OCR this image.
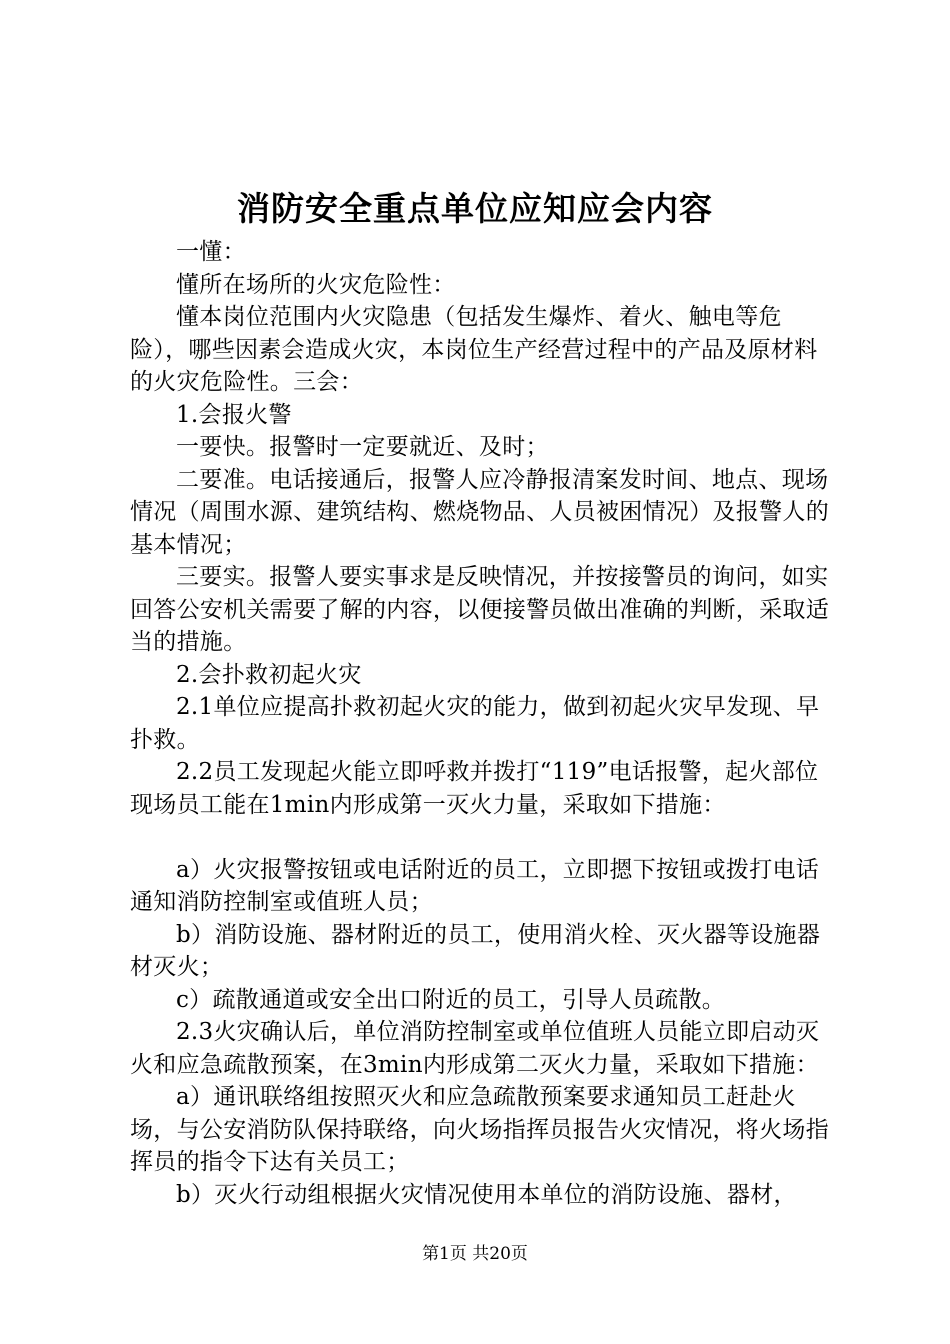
消防安全重点单位应知应会内容

一懂：

懂所在场所的火灾危险性：

懂本岗位范围内火灾隐患（包括发生爆炸、着火、触电等危险），哪些因素会造成火灾，本岗位生产经营过程中的产品及原材料的火灾危险性。三会：

1.会报火警

一要快。报警时一定要就近、及时；

二要准。电话接通后，报警人应冷静报清案发时间、地点、现场情况（周围水源、建筑结构、燃烧物品、人员被困情况）及报警人的基本情况；

三要实。报警人要实事求是反映情况，并按接警员的询问，如实回答公安机关需要了解的内容，以便接警员做出准确的判断，采取适当的措施。

2.会扑救初起火灾

2.1单位应提高扑救初起火灾的能力，做到初起火灾早发现、早扑救。

2.2员工发现起火能立即呼救并拨打“119”电话报警，起火部位现场员工能在1min内形成第一灭火力量，采取如下措施：

a）火灾报警按钮或电话附近的员工，立即摁下按钮或拨打电话通知消防控制室或值班人员；

b）消防设施、器材附近的员工，使用消火栓、灭火器等设施器材灭火；

c）疏散通道或安全出口附近的员工，引导人员疏散。

2.3火灾确认后，单位消防控制室或单位值班人员能立即启动灭火和应急疏散预案，在3min内形成第二灭火力量，采取如下措施：

a）通讯联络组按照灭火和应急疏散预案要求通知员工赶赴火场，与公安消防队保持联络，向火场指挥员报告火灾情况，将火场指挥员的指令下达有关员工；

b）灭火行动组根据火灾情况使用本单位的消防设施、器材，

第1页 共20页
